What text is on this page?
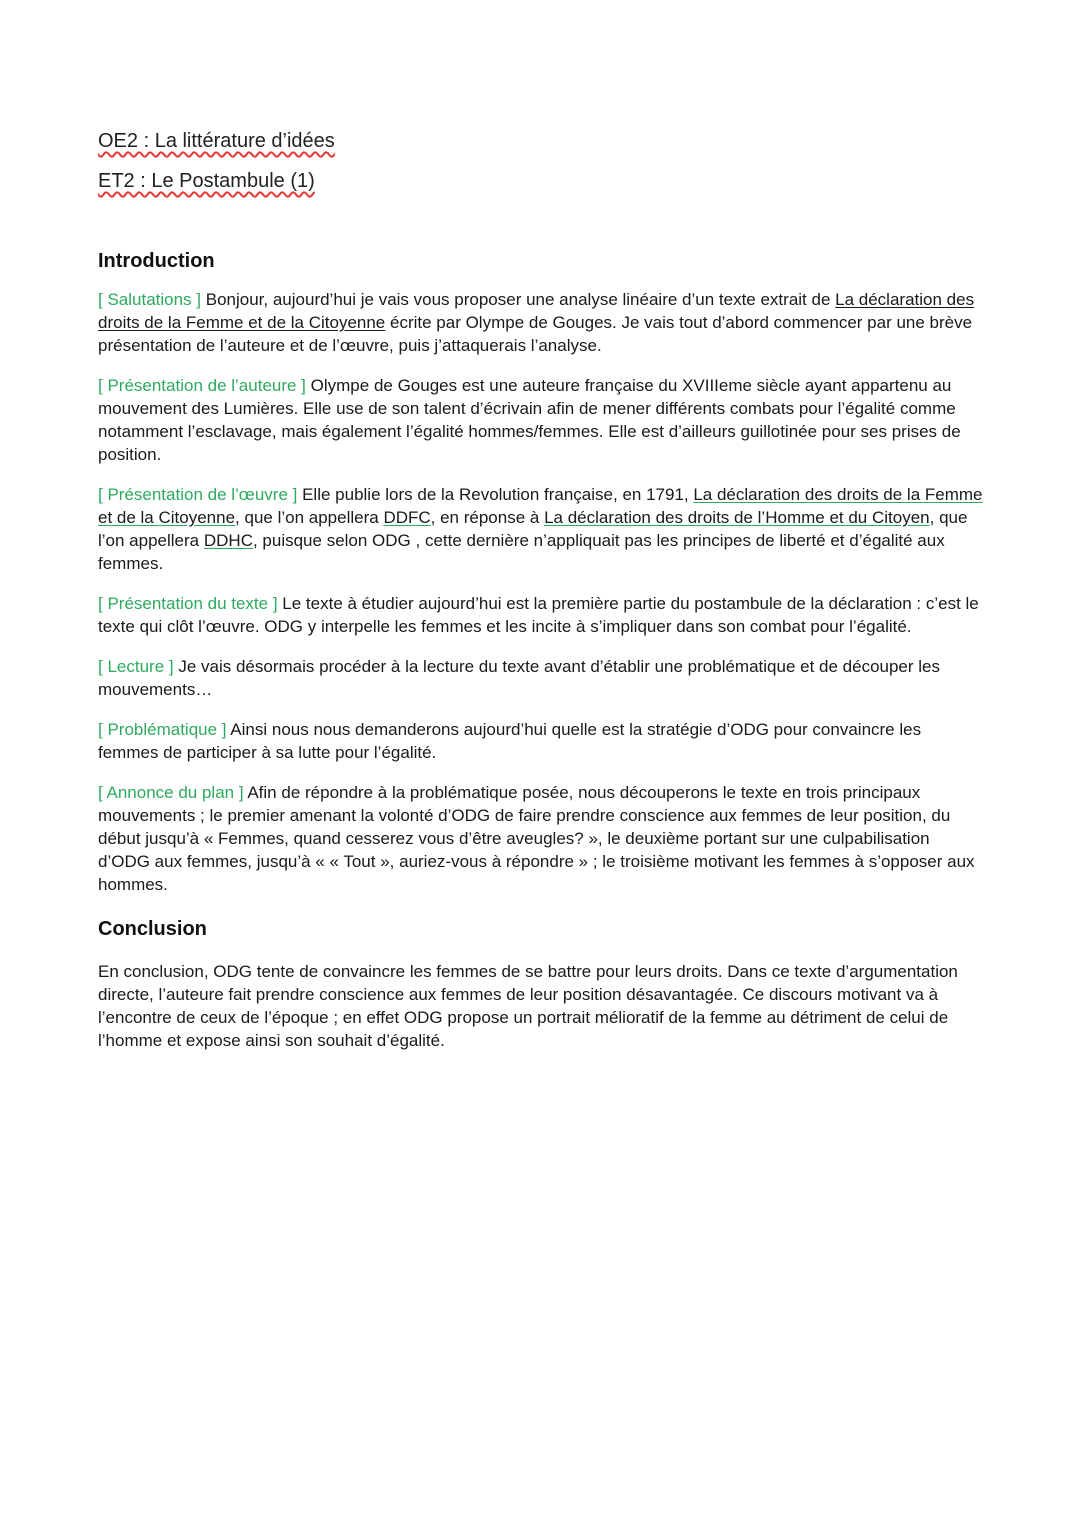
OE2 : La littérature d’idées
ET2 : Le Postambule (1)
Introduction

[ Salutations ] Bonjour, aujourd’hui je vais vous proposer une analyse linéaire d’un texte extrait de La déclaration des droits de la Femme et de la Citoyenne écrite par Olympe de Gouges. Je vais tout d’abord commencer par une brève présentation de l’auteure et de l’œuvre, puis j’attaquerais l’analyse.

[ Présentation de l’auteure ] Olympe de Gouges est une auteure française du XVIIIeme siècle ayant appartenu au mouvement des Lumières. Elle use de son talent d’écrivain afin de mener différents combats pour l’égalité comme notamment l’esclavage, mais également l’égalité hommes/femmes. Elle est d’ailleurs guillotinée pour ses prises de position.

[ Présentation de l’œuvre ] Elle publie lors de la Revolution française, en 1791, La déclaration des droits de la Femme et de la Citoyenne, que l’on appellera DDFC, en réponse à La déclaration des droits de l’Homme et du Citoyen, que l’on appellera DDHC, puisque selon ODG , cette dernière n’appliquait pas les principes de liberté et d’égalité aux femmes.

[ Présentation du texte ] Le texte à étudier aujourd’hui est la première partie du postambule de la déclaration : c’est le texte qui clôt l’œuvre. ODG y interpelle les femmes et les incite à s’impliquer dans son combat pour l’égalité.

[ Lecture ] Je vais désormais procéder à la lecture du texte avant d’établir une problématique et de découper les mouvements…

[ Problématique ] Ainsi nous nous demanderons aujourd’hui quelle est la stratégie d’ODG pour convaincre les femmes de participer à sa lutte pour l’égalité.

[ Annonce du plan ] Afin de répondre à la problématique posée, nous découperons le texte en trois principaux mouvements ; le premier amenant la volonté d’ODG de faire prendre conscience aux femmes de leur position, du début jusqu’à « Femmes, quand cesserez vous d’être aveugles? », le deuxième portant sur une culpabilisation d’ODG aux femmes, jusqu’à « « Tout », auriez-vous à répondre » ; le troisième motivant les femmes à s’opposer aux hommes.

Conclusion

En conclusion, ODG tente de convaincre les femmes de se battre pour leurs droits. Dans ce texte d’argumentation directe, l’auteure fait prendre conscience aux femmes de leur position désavantagée. Ce discours motivant va à l’encontre de ceux de l’époque ; en effet ODG propose un portrait mélioratif de la femme au détriment de celui de l’homme et expose ainsi son souhait d’égalité.
